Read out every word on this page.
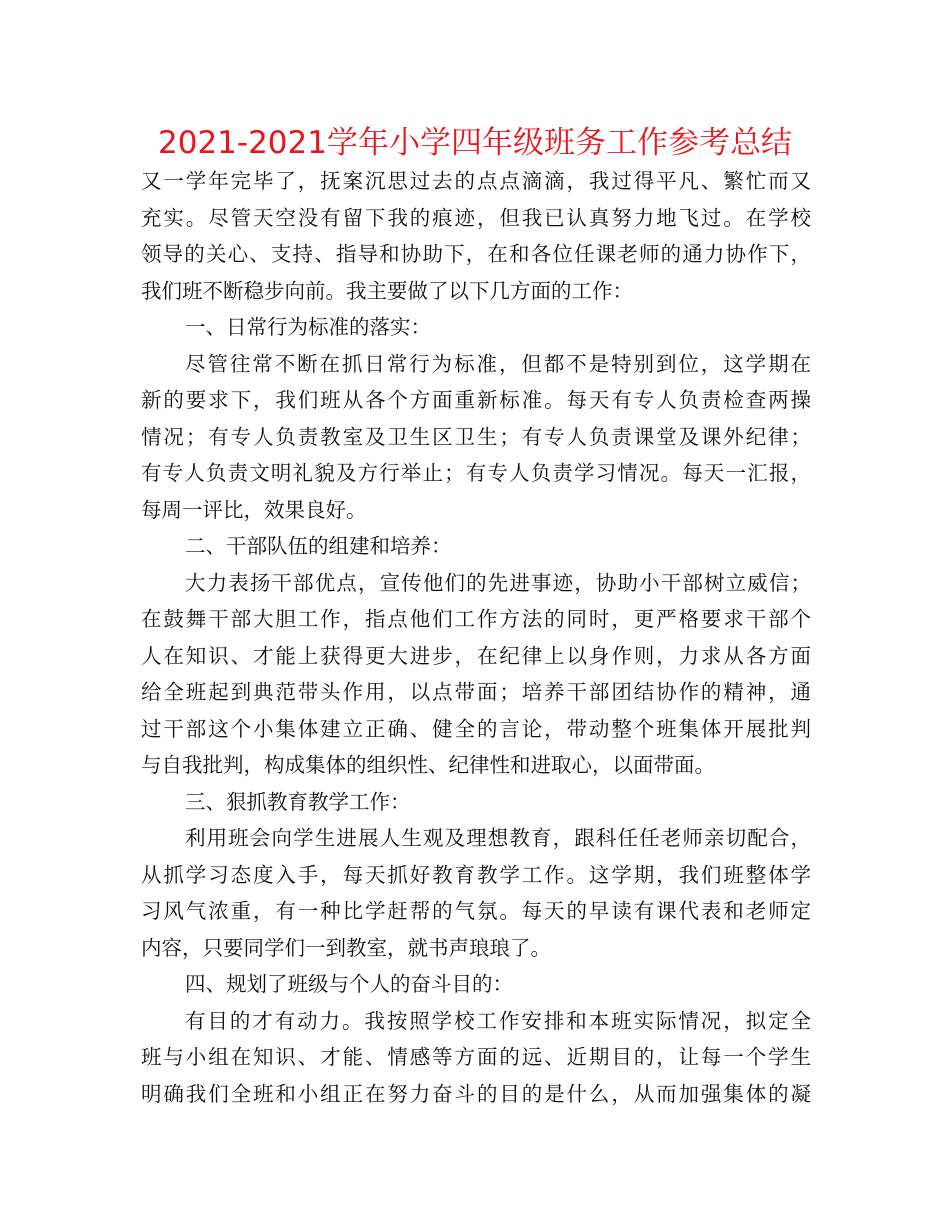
2021-2021学年小学四年级班务工作参考总结
又一学年完毕了，抚案沉思过去的点点滴滴，我过得平凡、繁忙而又
充实。尽管天空没有留下我的痕迹，但我已认真努力地飞过。在学校
领导的关心、支持、指导和协助下，在和各位任课老师的通力协作下，
我们班不断稳步向前。我主要做了以下几方面的工作：
一、日常行为标准的落实：
尽管往常不断在抓日常行为标准，但都不是特别到位，这学期在
新的要求下，我们班从各个方面重新标准。每天有专人负责检查两操
情况；有专人负责教室及卫生区卫生；有专人负责课堂及课外纪律；
有专人负责文明礼貌及方行举止；有专人负责学习情况。每天一汇报，
每周一评比，效果良好。
二、干部队伍的组建和培养：
大力表扬干部优点，宣传他们的先进事迹，协助小干部树立威信；
在鼓舞干部大胆工作，指点他们工作方法的同时，更严格要求干部个
人在知识、才能上获得更大进步，在纪律上以身作则，力求从各方面
给全班起到典范带头作用，以点带面；培养干部团结协作的精神，通
过干部这个小集体建立正确、健全的言论，带动整个班集体开展批判
与自我批判，构成集体的组织性、纪律性和进取心，以面带面。
三、狠抓教育教学工作：
利用班会向学生进展人生观及理想教育，跟科任任老师亲切配合，
从抓学习态度入手，每天抓好教育教学工作。这学期，我们班整体学
习风气浓重，有一种比学赶帮的气氛。每天的早读有课代表和老师定
内容，只要同学们一到教室，就书声琅琅了。
四、规划了班级与个人的奋斗目的：
有目的才有动力。我按照学校工作安排和本班实际情况，拟定全
班与小组在知识、才能、情感等方面的远、近期目的，让每一个学生
明确我们全班和小组正在努力奋斗的目的是什么，从而加强集体的凝
